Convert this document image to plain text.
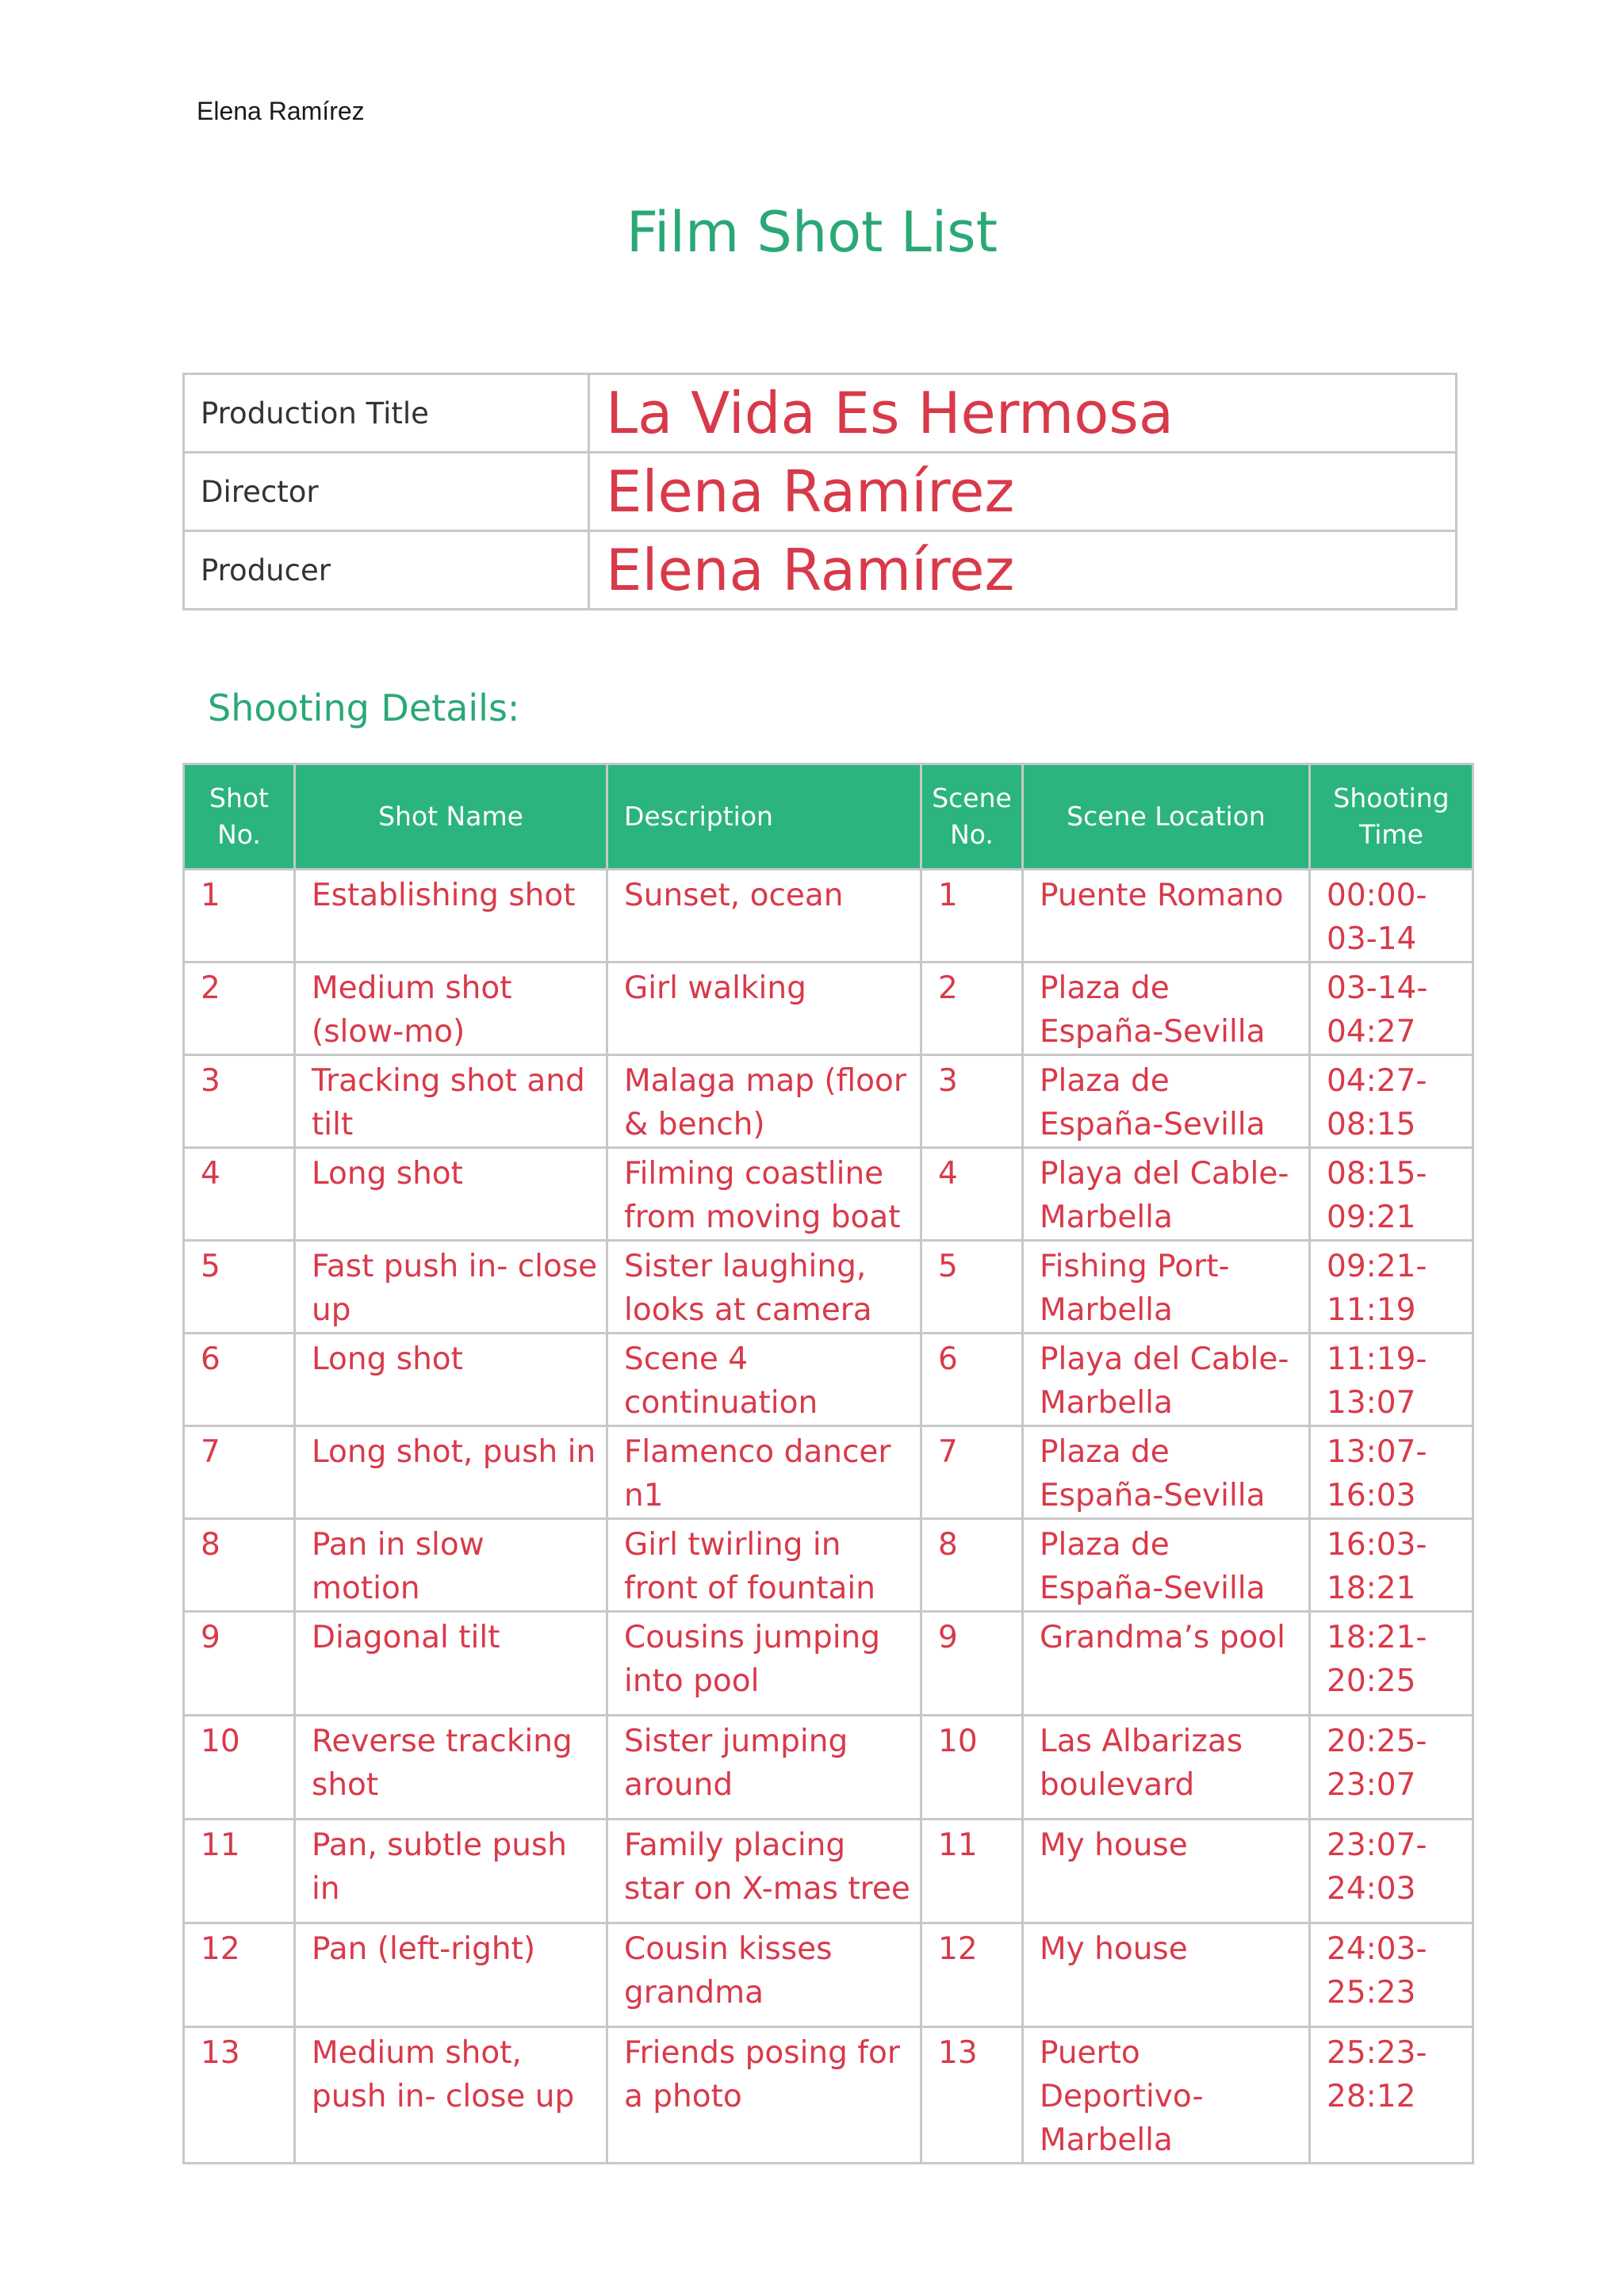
Elena Ramírez
Film Shot List
Production Title	La Vida Es Hermosa
Director	Elena Ramírez
Producer	Elena Ramírez
Shooting Details:
Shot No.	Shot Name	Description	Scene No.	Scene Location	Shooting Time
1	Establishing shot	Sunset, ocean	1	Puente Romano	00:00-03-14
2	Medium shot (slow-mo)	Girl walking	2	Plaza de España-Sevilla	03-14-04:27
3	Tracking shot and tilt	Malaga map (floor & bench)	3	Plaza de España-Sevilla	04:27-08:15
4	Long shot	Filming coastline from moving boat	4	Playa del Cable-Marbella	08:15-09:21
5	Fast push in- close up	Sister laughing, looks at camera	5	Fishing Port-Marbella	09:21-11:19
6	Long shot	Scene 4 continuation	6	Playa del Cable-Marbella	11:19-13:07
7	Long shot, push in	Flamenco dancer n1	7	Plaza de España-Sevilla	13:07-16:03
8	Pan in slow motion	Girl twirling in front of fountain	8	Plaza de España-Sevilla	16:03-18:21
9	Diagonal tilt	Cousins jumping into pool	9	Grandma’s pool	18:21-20:25
10	Reverse tracking shot	Sister jumping around	10	Las Albarizas boulevard	20:25-23:07
11	Pan, subtle push in	Family placing star on X-mas tree	11	My house	23:07-24:03
12	Pan (left-right)	Cousin kisses grandma	12	My house	24:03-25:23
13	Medium shot, push in- close up	Friends posing for a photo	13	Puerto Deportivo-Marbella	25:23-28:12
